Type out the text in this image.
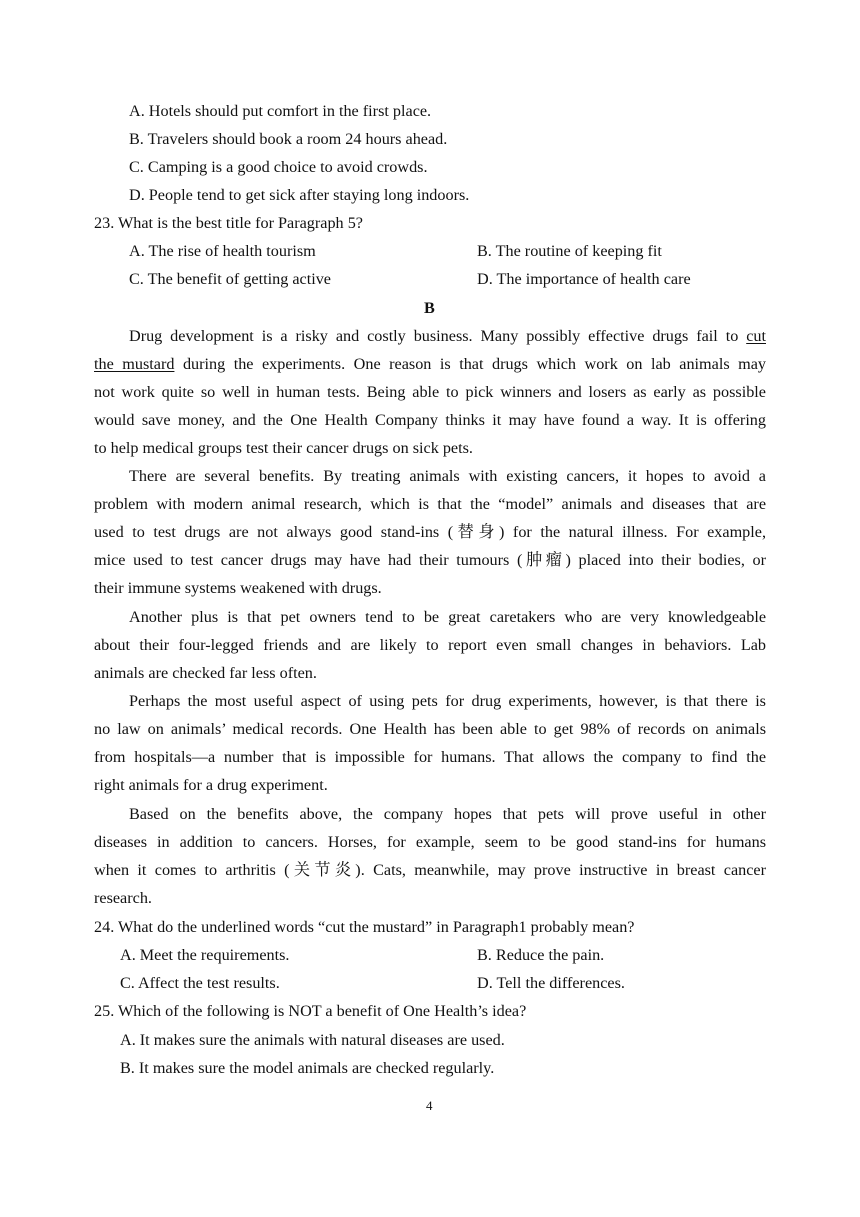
A. Hotels should put comfort in the first place.
B. Travelers should book a room 24 hours ahead.
C. Camping is a good choice to avoid crowds.
D. People tend to get sick after staying long indoors.
23. What is the best title for Paragraph 5?
A. The rise of health tourism	B. The routine of keeping fit
C. The benefit of getting active	D. The importance of health care
B
Drug development is a risky and costly business. Many possibly effective drugs fail to cut
the mustard during the experiments. One reason is that drugs which work on lab animals may
not work quite so well in human tests. Being able to pick winners and losers as early as possible
would save money, and the One Health Company thinks it may have found a way. It is offering
to help medical groups test their cancer drugs on sick pets.
There are several benefits. By treating animals with existing cancers, it hopes to avoid a
problem with modern animal research, which is that the “model” animals and diseases that are
used to test drugs are not always good stand-ins (替身) for the natural illness. For example,
mice used to test cancer drugs may have had their tumours (肿瘤) placed into their bodies, or
their immune systems weakened with drugs.
Another plus is that pet owners tend to be great caretakers who are very knowledgeable
about their four-legged friends and are likely to report even small changes in behaviors. Lab
animals are checked far less often.
Perhaps the most useful aspect of using pets for drug experiments, however, is that there is
no law on animals’ medical records. One Health has been able to get 98% of records on animals
from hospitals—a number that is impossible for humans. That allows the company to find the
right animals for a drug experiment.
Based on the benefits above, the company hopes that pets will prove useful in other
diseases in addition to cancers. Horses, for example, seem to be good stand-ins for humans
when it comes to arthritis (关节炎). Cats, meanwhile, may prove instructive in breast cancer
research.
24. What do the underlined words “cut the mustard” in Paragraph1 probably mean?
A. Meet the requirements.	B. Reduce the pain.
C. Affect the test results.	D. Tell the differences.
25. Which of the following is NOT a benefit of One Health’s idea?
A. It makes sure the animals with natural diseases are used.
B. It makes sure the model animals are checked regularly.
4
